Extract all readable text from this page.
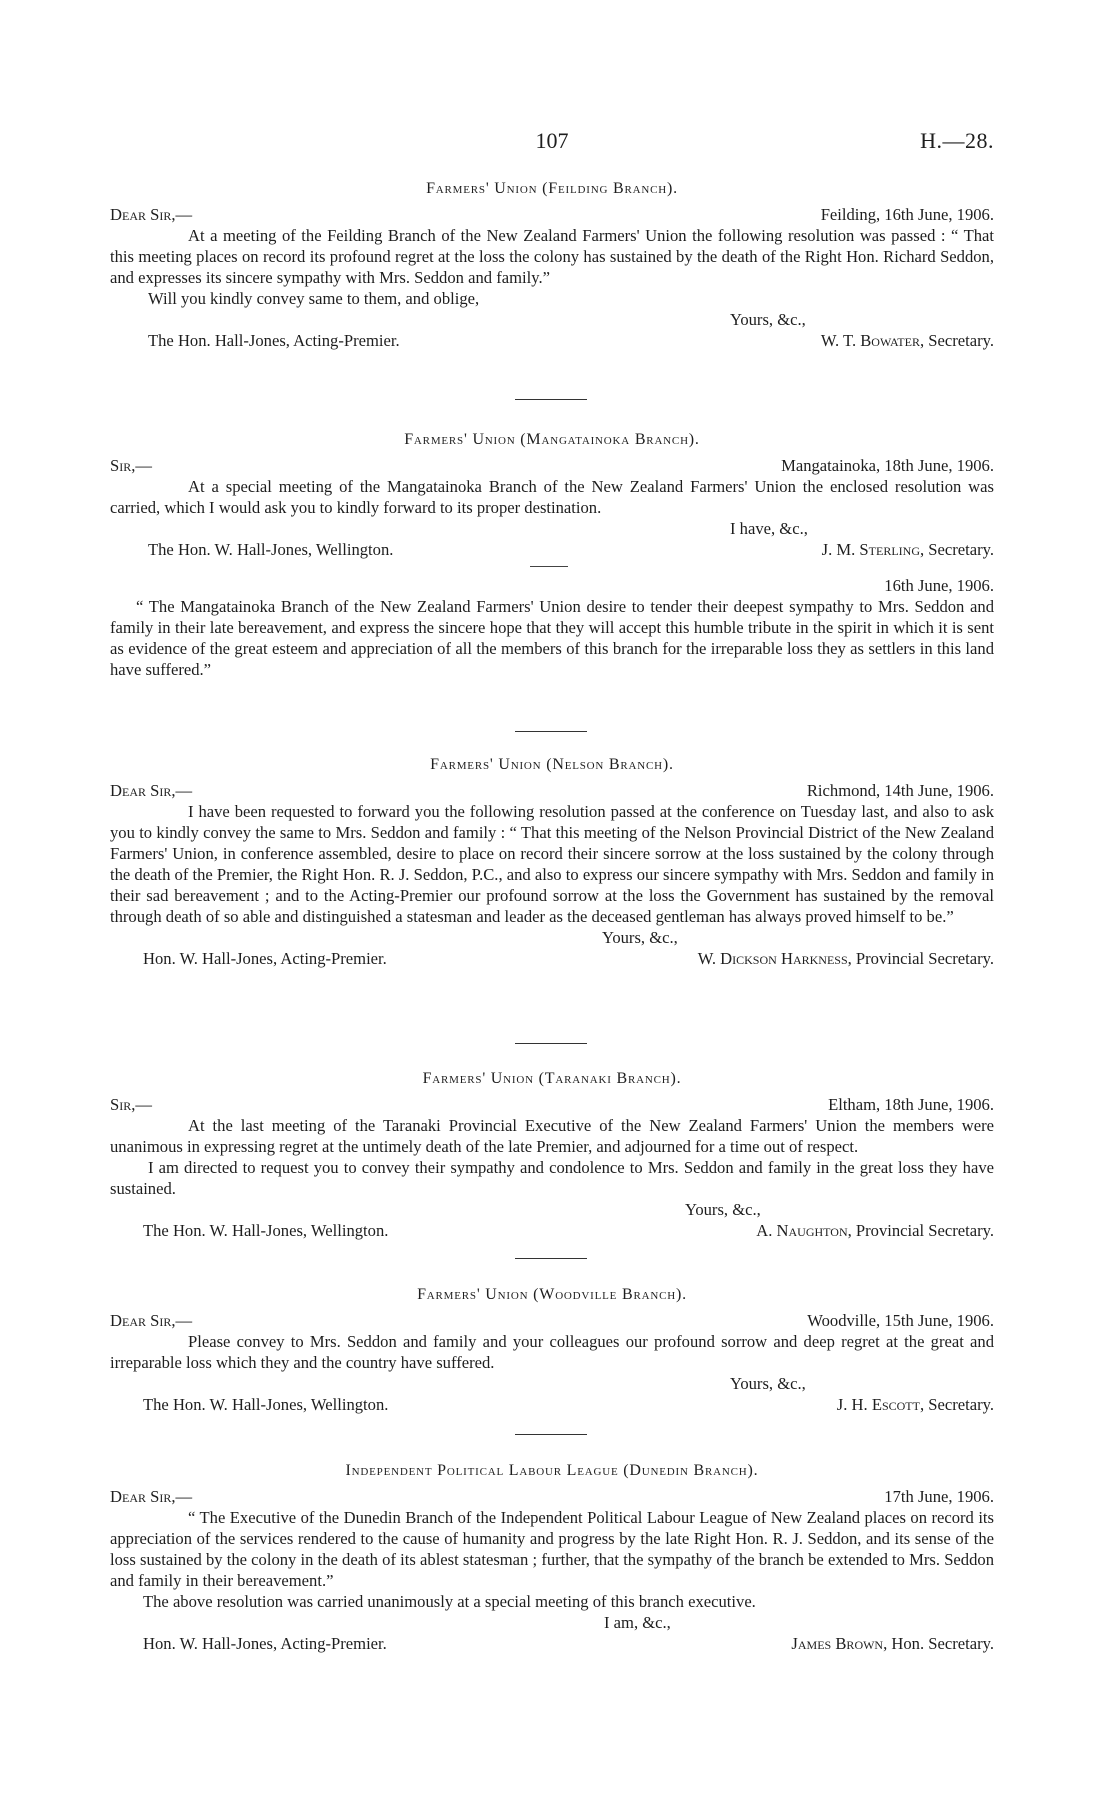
107	H.—28.
Farmers' Union (Feilding Branch).
Dear Sir,—	Feilding, 16th June, 1906.

At a meeting of the Feilding Branch of the New Zealand Farmers' Union the following resolution was passed : “ That this meeting places on record its profound regret at the loss the colony has sustained by the death of the Right Hon. Richard Seddon, and expresses its sincere sympathy with Mrs. Seddon and family.”

Will you kindly convey same to them, and oblige,

Yours, &c.,
The Hon. Hall-Jones, Acting-Premier.	W. T. Bowater, Secretary.
Farmers' Union (Mangatainoka Branch).
Sir,—	Mangatainoka, 18th June, 1906.

At a special meeting of the Mangatainoka Branch of the New Zealand Farmers' Union the enclosed resolution was carried, which I would ask you to kindly forward to its proper destination.

I have, &c.,
The Hon. W. Hall-Jones, Wellington.	J. M. Sterling, Secretary.
16th June, 1906.

“ The Mangatainoka Branch of the New Zealand Farmers' Union desire to tender their deepest sympathy to Mrs. Seddon and family in their late bereavement, and express the sincere hope that they will accept this humble tribute in the spirit in which it is sent as evidence of the great esteem and appreciation of all the members of this branch for the irreparable loss they as settlers in this land have suffered.”

Farmers' Union (Nelson Branch).
Dear Sir,—	Richmond, 14th June, 1906.

I have been requested to forward you the following resolution passed at the conference on Tuesday last, and also to ask you to kindly convey the same to Mrs. Seddon and family : “ That this meeting of the Nelson Provincial District of the New Zealand Farmers' Union, in conference assembled, desire to place on record their sincere sorrow at the loss sustained by the colony through the death of the Premier, the Right Hon. R. J. Seddon, P.C., and also to express our sincere sympathy with Mrs. Seddon and family in their sad bereavement ; and to the Acting-Premier our profound sorrow at the loss the Government has sustained by the removal through death of so able and distinguished a statesman and leader as the deceased gentleman has always proved himself to be.”

Yours, &c.,
Hon. W. Hall-Jones, Acting-Premier.	W. Dickson Harkness, Provincial Secretary.
Farmers' Union (Taranaki Branch).
Sir,—	Eltham, 18th June, 1906.

At the last meeting of the Taranaki Provincial Executive of the New Zealand Farmers' Union the members were unanimous in expressing regret at the untimely death of the late Premier, and adjourned for a time out of respect.

I am directed to request you to convey their sympathy and condolence to Mrs. Seddon and family in the great loss they have sustained.

Yours, &c.,
The Hon. W. Hall-Jones, Wellington.	A. Naughton, Provincial Secretary.
Farmers' Union (Woodville Branch).
Dear Sir,—	Woodville, 15th June, 1906.

Please convey to Mrs. Seddon and family and your colleagues our profound sorrow and deep regret at the great and irreparable loss which they and the country have suffered.

Yours, &c.,
The Hon. W. Hall-Jones, Wellington.	J. H. Escott, Secretary.
Independent Political Labour League (Dunedin Branch).
Dear Sir,—	17th June, 1906.

“ The Executive of the Dunedin Branch of the Independent Political Labour League of New Zealand places on record its appreciation of the services rendered to the cause of humanity and progress by the late Right Hon. R. J. Seddon, and its sense of the loss sustained by the colony in the death of its ablest statesman ; further, that the sympathy of the branch be extended to Mrs. Seddon and family in their bereavement.”

The above resolution was carried unanimously at a special meeting of this branch executive.

I am, &c.,
Hon. W. Hall-Jones, Acting-Premier.	James Brown, Hon. Secretary.
